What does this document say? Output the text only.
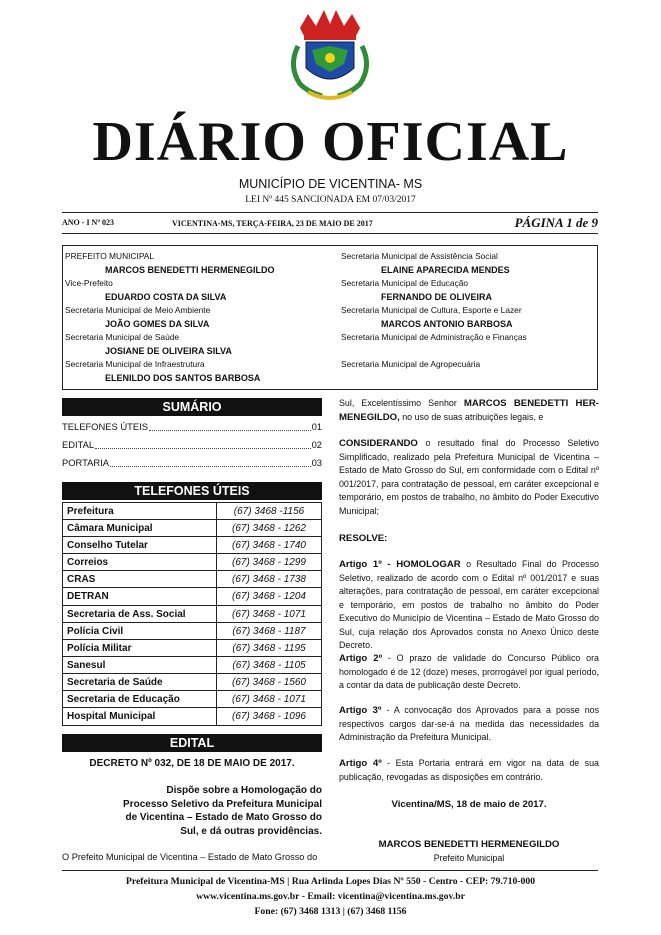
DIÁRIO OFICIAL
MUNICÍPIO DE VICENTINA- MS
LEI Nº 445 SANCIONADA EM 07/03/2017
ANO - I Nº 023	VICENTINA-MS, TERÇA-FEIRA, 23 DE MAIO DE 2017	PÁGINA 1 de 9
PREFEITO MUNICIPAL
MARCOS BENEDETTI HERMENEGILDO
Vice-Prefeito
EDUARDO COSTA DA SILVA
Secretaria Municipal de Meio Ambiente
JOÃO GOMES DA SILVA
Secretaria Municipal de Saúde
JOSIANE DE OLIVEIRA SILVA
Secretaria Municipal de Infraestrutura
ELENILDO DOS SANTOS BARBOSA
Secretaria Municipal de Assistência Social
ELAINE APARECIDA MENDES
Secretaria Municipal de Educação
FERNANDO DE OLIVEIRA
Secretaria Municipal de Cultura, Esporte e Lazer
MARCOS ANTONIO BARBOSA
Secretaria Municipal de Administração e Finanças
Secretaria Municipal de Agropecuária
SUMÁRIO
TELEFONES ÚTEIS	01
EDITAL	02
PORTARIA	03
TELEFONES ÚTEIS
Prefeitura	(67) 3468 -1156
Câmara Municipal	(67) 3468 - 1262
Conselho Tutelar	(67) 3468 - 1740
Correios	(67) 3468 - 1299
CRAS	(67) 3468 - 1738
DETRAN	(67) 3468 - 1204
Secretaria de Ass. Social	(67) 3468 - 1071
Polícia Civil	(67) 3468 - 1187
Polícia Militar	(67) 3468 - 1195
Sanesul	(67) 3468 - 1105
Secretaria de Saúde	(67) 3468 - 1560
Secretaria de Educação	(67) 3468 - 1071
Hospital Municipal	(67) 3468 - 1096
EDITAL
DECRETO Nº 032, DE 18 DE MAIO DE 2017.
Dispõe sobre a Homologação do
Processo Seletivo da Prefeitura Municipal
de Vicentina – Estado de Mato Grosso do
Sul, e dá outras providências.
O Prefeito Municipal de Vicentina – Estado de Mato Grosso do
Sul, Excelentíssimo Senhor MARCOS BENEDETTI HER-MENEGILDO, no uso de suas atribuições legais, e
CONSIDERANDO o resultado final do Processo Seletivo Simplificado, realizado pela Prefeitura Municipal de Vicentina – Estado de Mato Grosso do Sul, em conformidade com o Edital nº 001/2017, para contratação de pessoal, em caráter excepcional e temporário, em postos de trabalho, no âmbito do Poder Executivo Municipal;
RESOLVE:
Artigo 1º - HOMOLOGAR o Resultado Final do Processo Seletivo, realizado de acordo com o Edital nº 001/2017 e suas alterações, para contratação de pessoal, em caráter excepcional e temporário, em postos de trabalho no âmbito do Poder Executivo do Município de Vicentina – Estado de Mato Grosso do Sul, cuja relação dos Aprovados consta no Anexo Único deste Decreto.
Artigo 2º - O prazo de validade do Concurso Público ora homologado é de 12 (doze) meses, prorrogável por igual período, a contar da data de publicação deste Decreto.
Artigo 3º - A convocação dos Aprovados para a posse nos respectivos cargos dar-se-á na medida das necessidades da Administração da Prefeitura Municipal.
Artigo 4º - Esta Portaria entrará em vigor na data de sua publicação, revogadas as disposições em contrário.
Vicentina/MS, 18 de maio de 2017.
MARCOS BENEDETTI HERMENEGILDO
Prefeito Municipal
Prefeitura Municipal de Vicentina-MS | Rua Arlinda Lopes Dias Nº 550 - Centro - CEP: 79.710-000
www.vicentina.ms.gov.br - Email: vicentina@vicentina.ms.gov.br
Fone: (67) 3468 1313 | (67) 3468 1156
